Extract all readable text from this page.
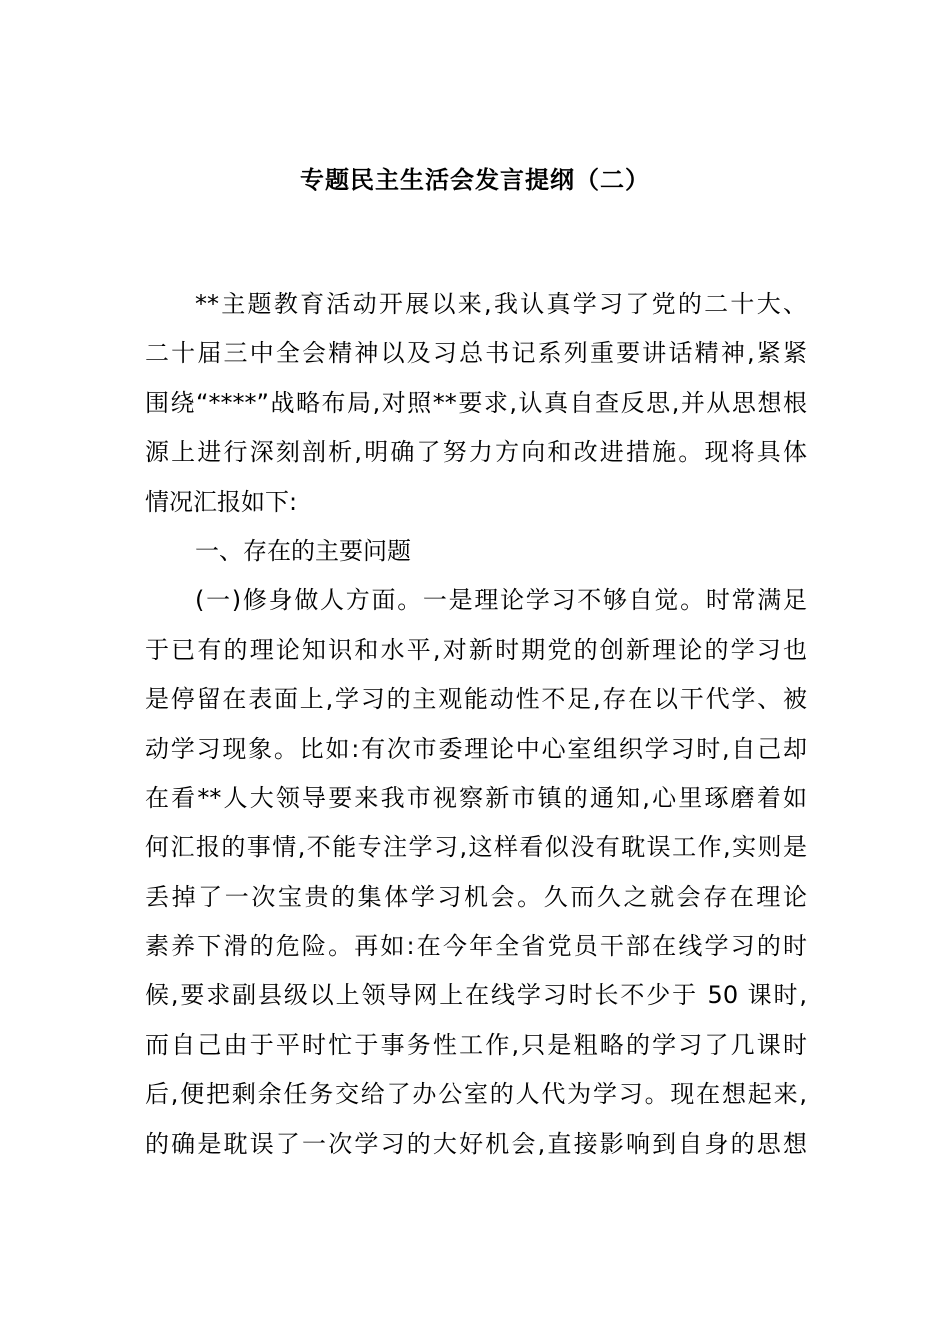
专题民主生活会发言提纲（二）
**主题教育活动开展以来,我认真学习了党的二十大、
二十届三中全会精神以及习总书记系列重要讲话精神,紧紧
围绕“****”战略布局,对照**要求,认真自查反思,并从思想根
源上进行深刻剖析,明确了努力方向和改进措施。现将具体
情况汇报如下:
一、存在的主要问题
(一)修身做人方面。一是理论学习不够自觉。时常满足
于已有的理论知识和水平,对新时期党的创新理论的学习也
是停留在表面上,学习的主观能动性不足,存在以干代学、被
动学习现象。比如:有次市委理论中心室组织学习时,自己却
在看**人大领导要来我市视察新市镇的通知,心里琢磨着如
何汇报的事情,不能专注学习,这样看似没有耽误工作,实则是
丢掉了一次宝贵的集体学习机会。久而久之就会存在理论
素养下滑的危险。再如:在今年全省党员干部在线学习的时
候,要求副县级以上领导网上在线学习时长不少于 50 课时,
而自己由于平时忙于事务性工作,只是粗略的学习了几课时
后,便把剩余任务交给了办公室的人代为学习。现在想起来,
的确是耽误了一次学习的大好机会,直接影响到自身的思想
